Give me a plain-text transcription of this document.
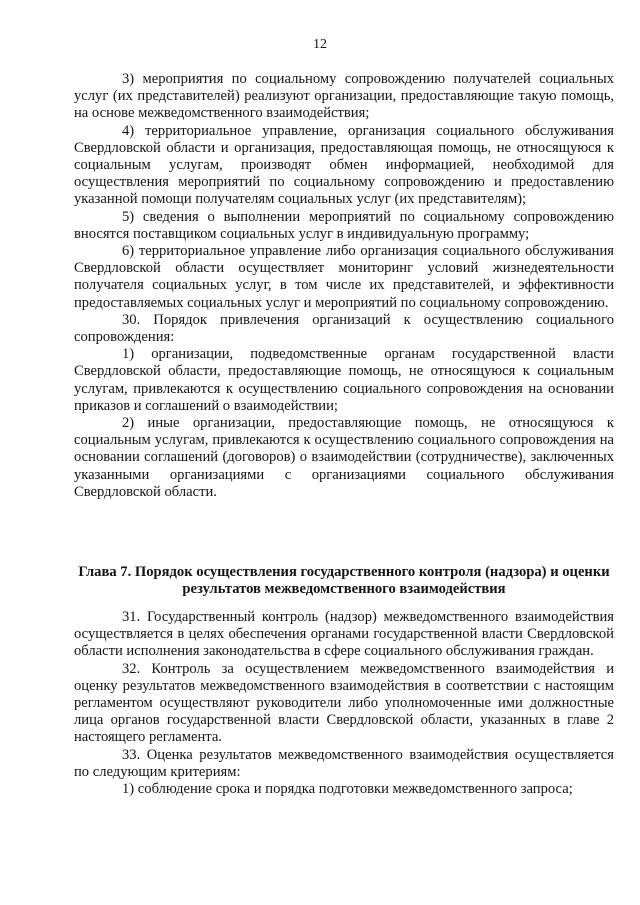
12

3) мероприятия по социальному сопровождению получателей социальных услуг (их представителей) реализуют организации, предоставляющие такую помощь, на основе межведомственного взаимодействия;

4) территориальное управление, организация социального обслуживания Свердловской области и организация, предоставляющая помощь, не относящуюся к социальным услугам, производят обмен информацией, необходимой для осуществления мероприятий по социальному сопровождению и предоставлению указанной помощи получателям социальных услуг (их представителям);

5) сведения о выполнении мероприятий по социальному сопровождению вносятся поставщиком социальных услуг в индивидуальную программу;

6) территориальное управление либо организация социального обслуживания Свердловской области осуществляет мониторинг условий жизнедеятельности получателя социальных услуг, в том числе их представителей, и эффективности предоставляемых социальных услуг и мероприятий по социальному сопровождению.

30. Порядок привлечения организаций к осуществлению социального сопровождения:

1) организации, подведомственные органам государственной власти Свердловской области, предоставляющие помощь, не относящуюся к социальным услугам, привлекаются к осуществлению социального сопровождения на основании приказов и соглашений о взаимодействии;

2) иные организации, предоставляющие помощь, не относящуюся к социальным услугам, привлекаются к осуществлению социального сопровождения на основании соглашений (договоров) о взаимодействии (сотрудничестве), заключенных указанными организациями с организациями социального обслуживания Свердловской области.

Глава 7. Порядок осуществления государственного контроля (надзора) и оценки результатов межведомственного взаимодействия

31. Государственный контроль (надзор) межведомственного взаимодействия осуществляется в целях обеспечения органами государственной власти Свердловской области исполнения законодательства в сфере социального обслуживания граждан.

32. Контроль за осуществлением межведомственного взаимодействия и оценку результатов межведомственного взаимодействия в соответствии с настоящим регламентом осуществляют руководители либо уполномоченные ими должностные лица органов государственной власти Свердловской области, указанных в главе 2 настоящего регламента.

33. Оценка результатов межведомственного взаимодействия осуществляется по следующим критериям:

1) соблюдение срока и порядка подготовки межведомственного запроса;
